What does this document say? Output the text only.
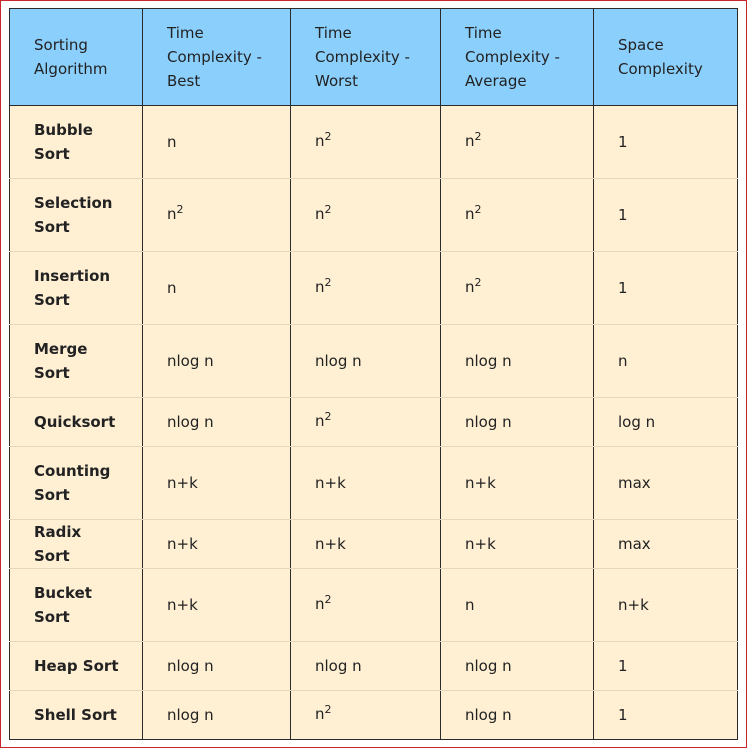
Sorting Algorithm	Time Complexity - Best	Time Complexity - Worst	Time Complexity - Average	Space Complexity
Bubble Sort	n	$n^2$	$n^2$	1
Selection Sort	$n^2$	$n^2$	$n^2$	1
Insertion Sort	n	$n^2$	$n^2$	1
Merge Sort	nlog n	nlog n	nlog n	n
Quicksort	nlog n	$n^2$	nlog n	log n
Counting Sort	n+k	n+k	n+k	max
Radix Sort	n+k	n+k	n+k	max
Bucket Sort	n+k	$n^2$	n	n+k
Heap Sort	nlog n	nlog n	nlog n	1
Shell Sort	nlog n	$n^2$	nlog n	1
